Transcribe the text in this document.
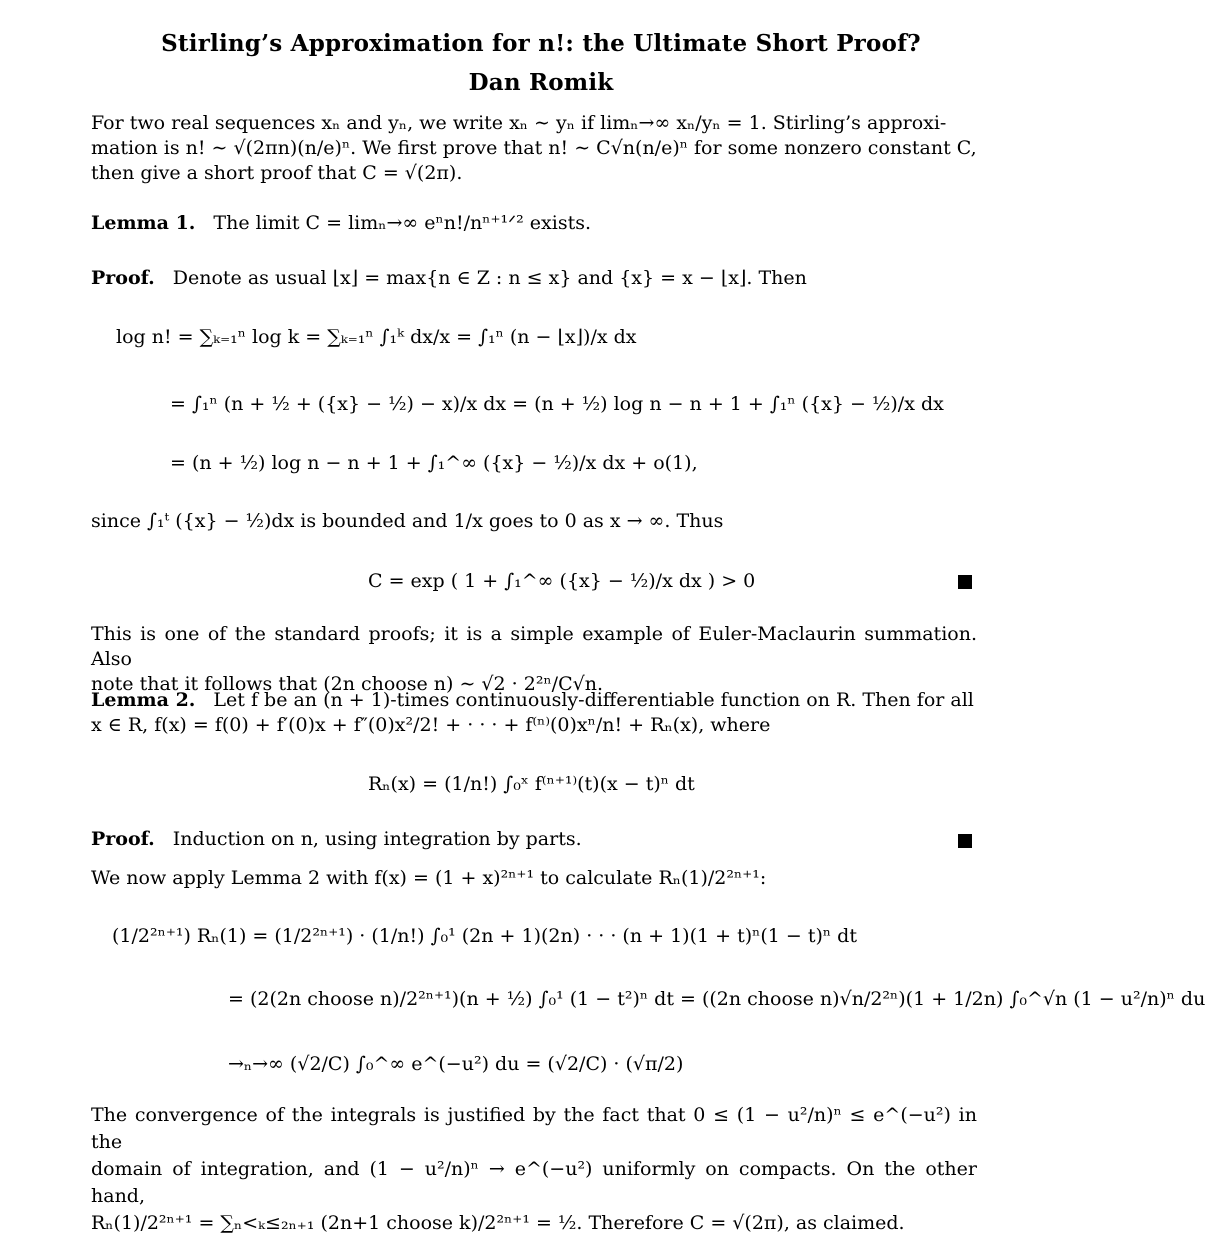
Stirling’s Approximation for n!: the Ultimate Short Proof?
Dan Romik
For two real sequences xₙ and yₙ, we write xₙ ∼ yₙ if limₙ→∞ xₙ/yₙ = 1. Stirling’s approxi-
mation is n! ∼ √(2πn)(n/e)ⁿ. We first prove that n! ∼ C√n(n/e)ⁿ for some nonzero constant C,
then give a short proof that C = √(2π).
Lemma 1. The limit C = limₙ→∞ eⁿn!/nⁿ⁺¹ᐟ² exists.
Proof. Denote as usual ⌊x⌋ = max{n ∈ Z : n ≤ x} and {x} = x − ⌊x⌋. Then
log n! = ∑ₖ₌₁ⁿ log k = ∑ₖ₌₁ⁿ ∫₁ᵏ dx/x = ∫₁ⁿ (n − ⌊x⌋)/x dx
= ∫₁ⁿ (n + ½ + ({x} − ½) − x)/x dx = (n + ½) log n − n + 1 + ∫₁ⁿ ({x} − ½)/x dx
= (n + ½) log n − n + 1 + ∫₁^∞ ({x} − ½)/x dx + o(1),
since ∫₁ᵗ ({x} − ½)dx is bounded and 1/x goes to 0 as x → ∞. Thus
C = exp ( 1 + ∫₁^∞ ({x} − ½)/x dx ) > 0
This is one of the standard proofs; it is a simple example of Euler-Maclaurin summation. Also
note that it follows that (2n choose n) ∼ √2 · 2²ⁿ/C√n.
Lemma 2. Let f be an (n + 1)-times continuously-differentiable function on R. Then for all
x ∈ R, f(x) = f(0) + f′(0)x + f″(0)x²/2! + · · · + f⁽ⁿ⁾(0)xⁿ/n! + Rₙ(x), where
Rₙ(x) = (1/n!) ∫₀ˣ f⁽ⁿ⁺¹⁾(t)(x − t)ⁿ dt
Proof. Induction on n, using integration by parts.
We now apply Lemma 2 with f(x) = (1 + x)²ⁿ⁺¹ to calculate Rₙ(1)/2²ⁿ⁺¹:
(1/2²ⁿ⁺¹) Rₙ(1) = (1/2²ⁿ⁺¹) · (1/n!) ∫₀¹ (2n + 1)(2n) · · · (n + 1)(1 + t)ⁿ(1 − t)ⁿ dt
= (2(2n choose n)/2²ⁿ⁺¹)(n + ½) ∫₀¹ (1 − t²)ⁿ dt = ((2n choose n)√n/2²ⁿ)(1 + 1/2n) ∫₀^√n (1 − u²/n)ⁿ du
→ₙ→∞ (√2/C) ∫₀^∞ e^(−u²) du = (√2/C) · (√π/2)
The convergence of the integrals is justified by the fact that 0 ≤ (1 − u²/n)ⁿ ≤ e^(−u²) in the
domain of integration, and (1 − u²/n)ⁿ → e^(−u²) uniformly on compacts. On the other hand,
Rₙ(1)/2²ⁿ⁺¹ = ∑ₙ<ₖ≤₂ₙ₊₁ (2n+1 choose k)/2²ⁿ⁺¹ = ½. Therefore C = √(2π), as claimed.
